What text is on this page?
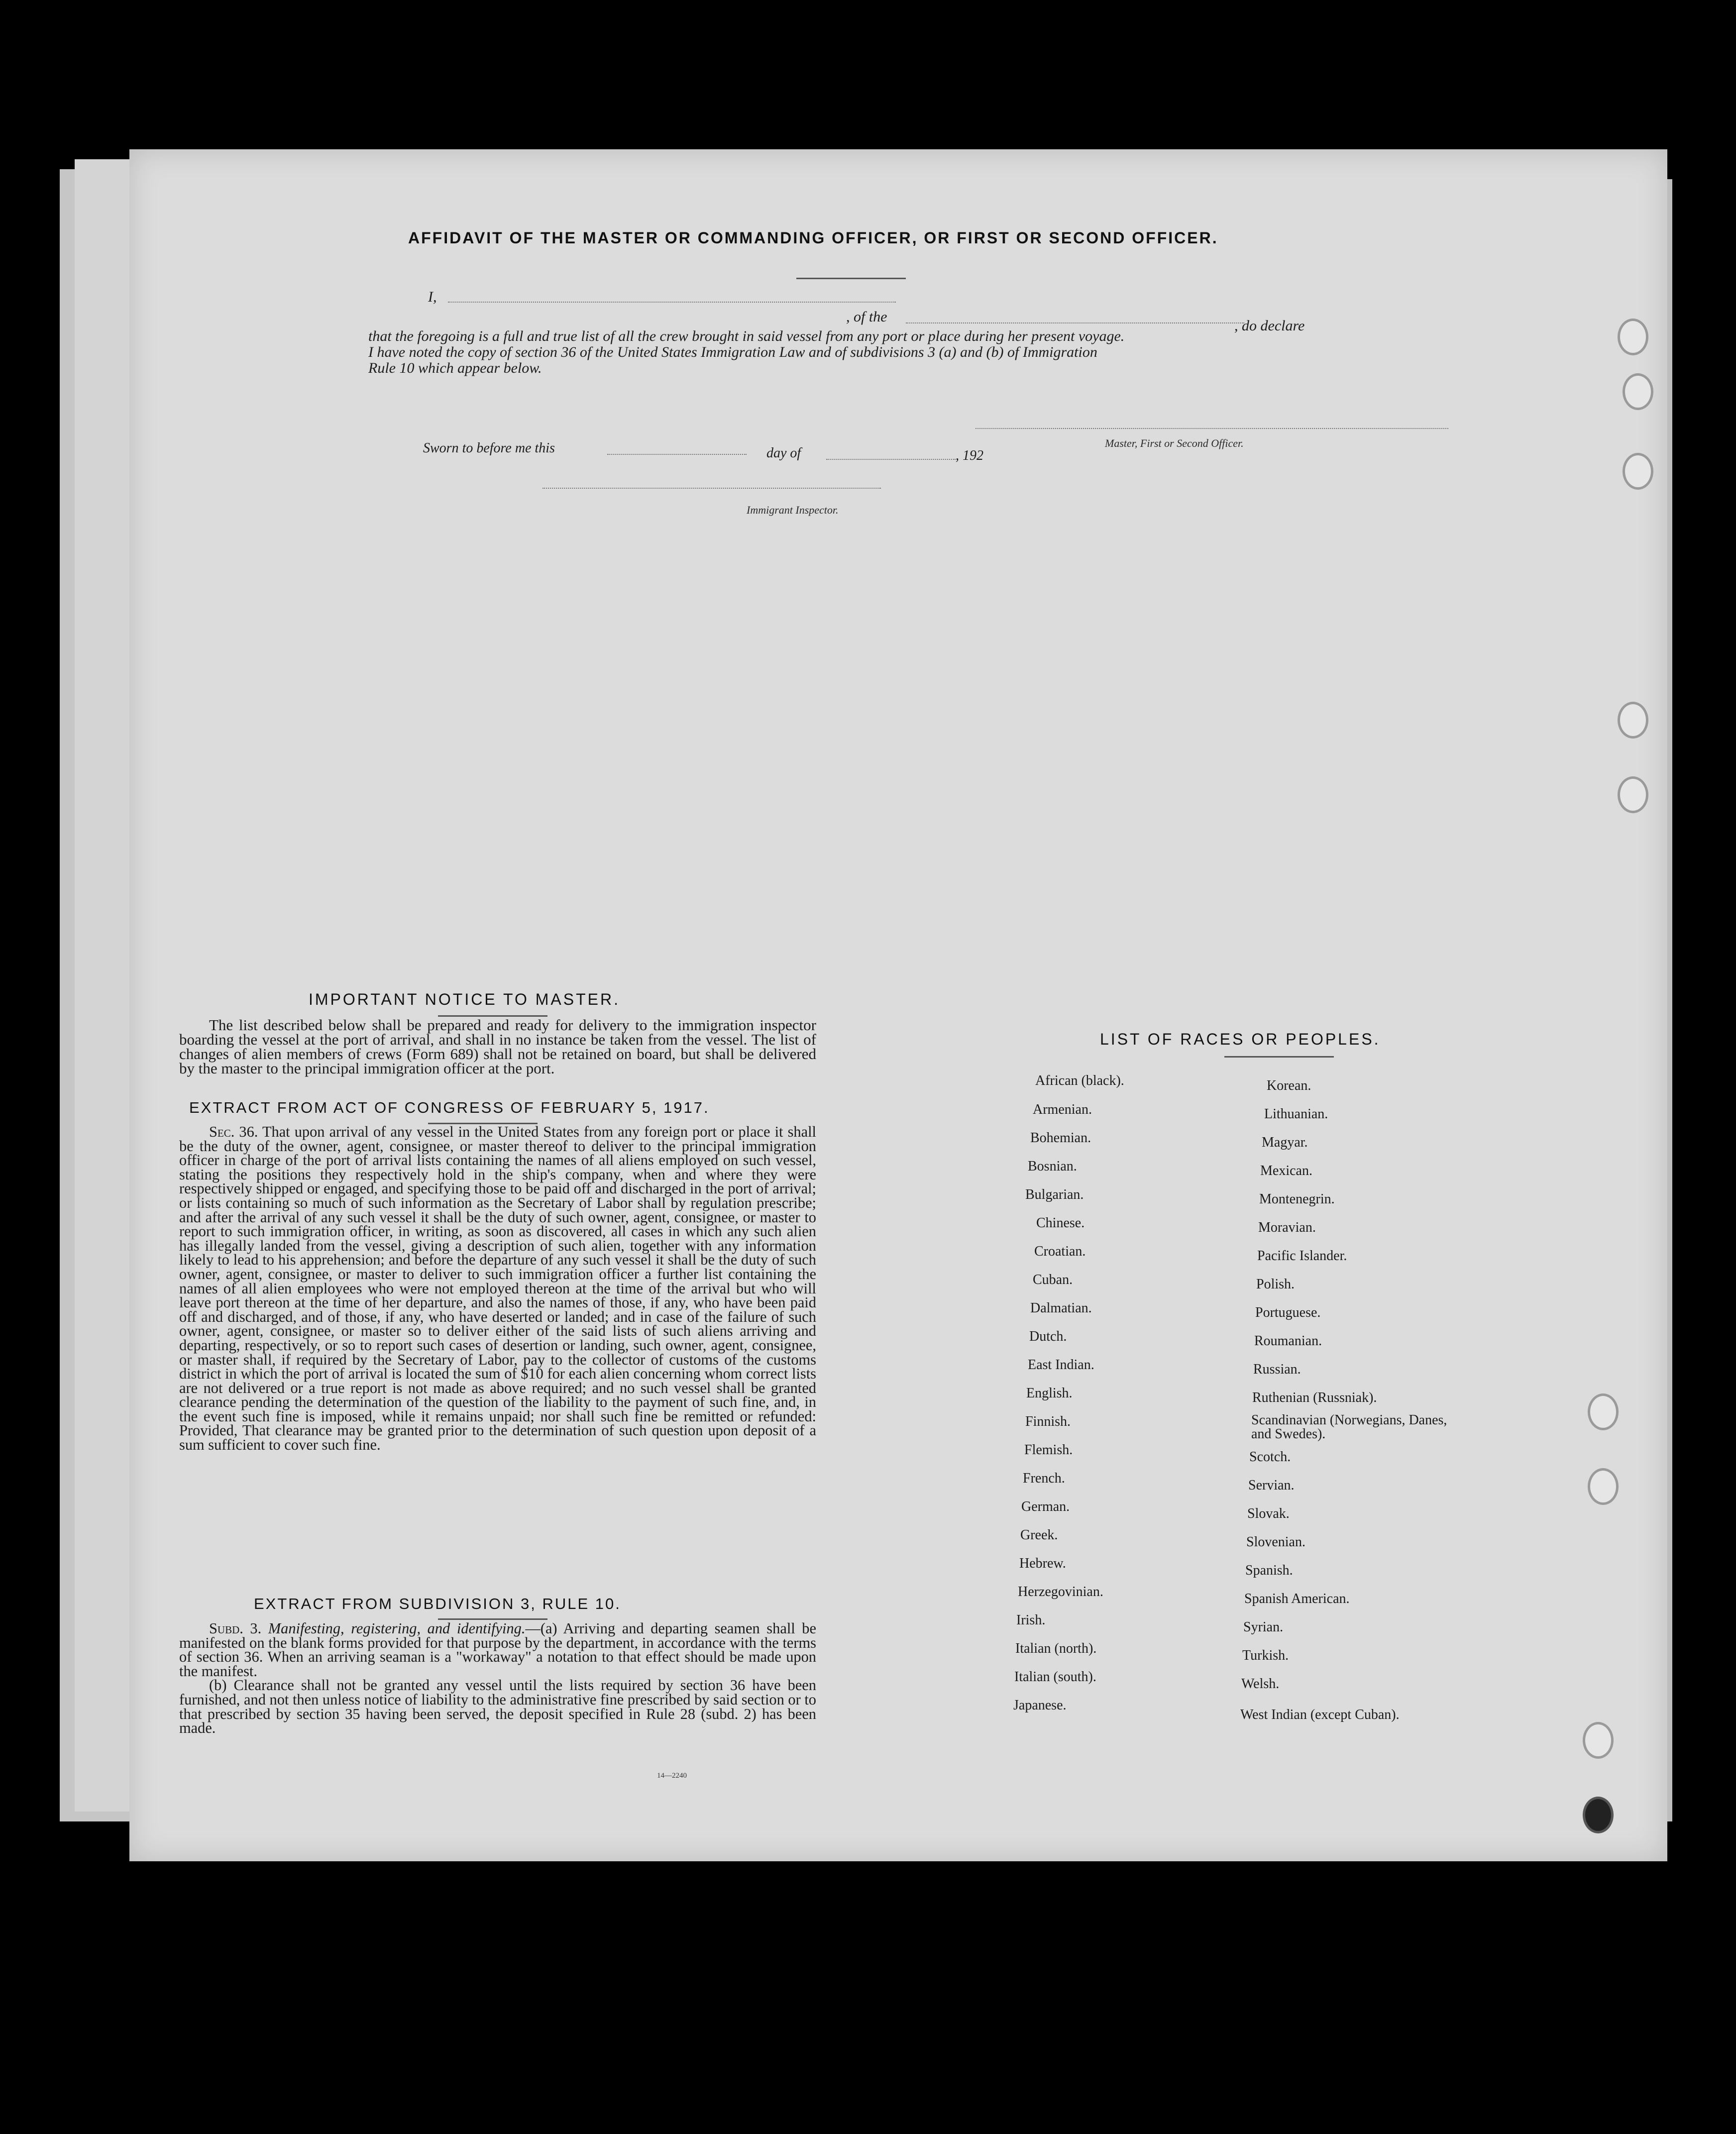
AFFIDAVIT OF THE MASTER OR COMMANDING OFFICER, OR FIRST OR SECOND OFFICER.
I,
, of the
, do declare
that the foregoing is a full and true list of all the crew brought in said vessel from any port or place during her present voyage.
I have noted the copy of section 36 of the United States Immigration Law and of subdivisions 3 (a) and (b) of Immigration
Rule 10 which appear below.
Master, First or Second Officer.
Sworn to before me this	day of	, 192
Immigrant Inspector.
IMPORTANT NOTICE TO MASTER.

The list described below shall be prepared and ready for delivery to the immigration inspector boarding the vessel at the port of arrival, and shall in no instance be taken from the vessel. The list of changes of alien members of crews (Form 689) shall not be retained on board, but shall be delivered by the master to the principal immigration officer at the port.

EXTRACT FROM ACT OF CONGRESS OF FEBRUARY 5, 1917.

Sec. 36. That upon arrival of any vessel in the United States from any foreign port or place it shall be the duty of the owner, agent, consignee, or master thereof to deliver to the principal immigration officer in charge of the port of arrival lists containing the names of all aliens employed on such vessel, stating the positions they respectively hold in the ship's company, when and where they were respectively shipped or engaged, and specifying those to be paid off and discharged in the port of arrival; or lists containing so much of such information as the Secretary of Labor shall by regulation prescribe; and after the arrival of any such vessel it shall be the duty of such owner, agent, consignee, or master to report to such immigration officer, in writing, as soon as discovered, all cases in which any such alien has illegally landed from the vessel, giving a description of such alien, together with any information likely to lead to his apprehension; and before the departure of any such vessel it shall be the duty of such owner, agent, consignee, or master to deliver to such immigration officer a further list containing the names of all alien employees who were not employed thereon at the time of the arrival but who will leave port thereon at the time of her departure, and also the names of those, if any, who have been paid off and discharged, and of those, if any, who have deserted or landed; and in case of the failure of such owner, agent, consignee, or master so to deliver either of the said lists of such aliens arriving and departing, respectively, or so to report such cases of desertion or landing, such owner, agent, consignee, or master shall, if required by the Secretary of Labor, pay to the collector of customs of the customs district in which the port of arrival is located the sum of $10 for each alien concerning whom correct lists are not delivered or a true report is not made as above required; and no such vessel shall be granted clearance pending the determination of the question of the liability to the payment of such fine, and, in the event such fine is imposed, while it remains unpaid; nor shall such fine be remitted or refunded: Provided, That clearance may be granted prior to the determination of such question upon deposit of a sum sufficient to cover such fine.

EXTRACT FROM SUBDIVISION 3, RULE 10.

Subd. 3. Manifesting, registering, and identifying.—(a) Arriving and departing seamen shall be manifested on the blank forms provided for that purpose by the department, in accordance with the terms of section 36. When an arriving seaman is a "workaway" a notation to that effect should be made upon the manifest.

(b) Clearance shall not be granted any vessel until the lists required by section 36 have been furnished, and not then unless notice of liability to the administrative fine prescribed by said section or to that prescribed by section 35 having been served, the deposit specified in Rule 28 (subd. 2) has been made.

14—2240
LIST OF RACES OR PEOPLES.
African (black).
Armenian.
Bohemian.
Bosnian.
Bulgarian.
Chinese.
Croatian.
Cuban.
Dalmatian.
Dutch.
East Indian.
English.
Finnish.
Flemish.
French.
German.
Greek.
Hebrew.
Herzegovinian.
Irish.
Italian (north).
Italian (south).
Japanese.
Korean.
Lithuanian.
Magyar.
Mexican.
Montenegrin.
Moravian.
Pacific Islander.
Polish.
Portuguese.
Roumanian.
Russian.
Ruthenian (Russniak).
Scandinavian (Norwegians, Danes, and Swedes).
Scotch.
Servian.
Slovak.
Slovenian.
Spanish.
Spanish American.
Syrian.
Turkish.
Welsh.
West Indian (except Cuban).
